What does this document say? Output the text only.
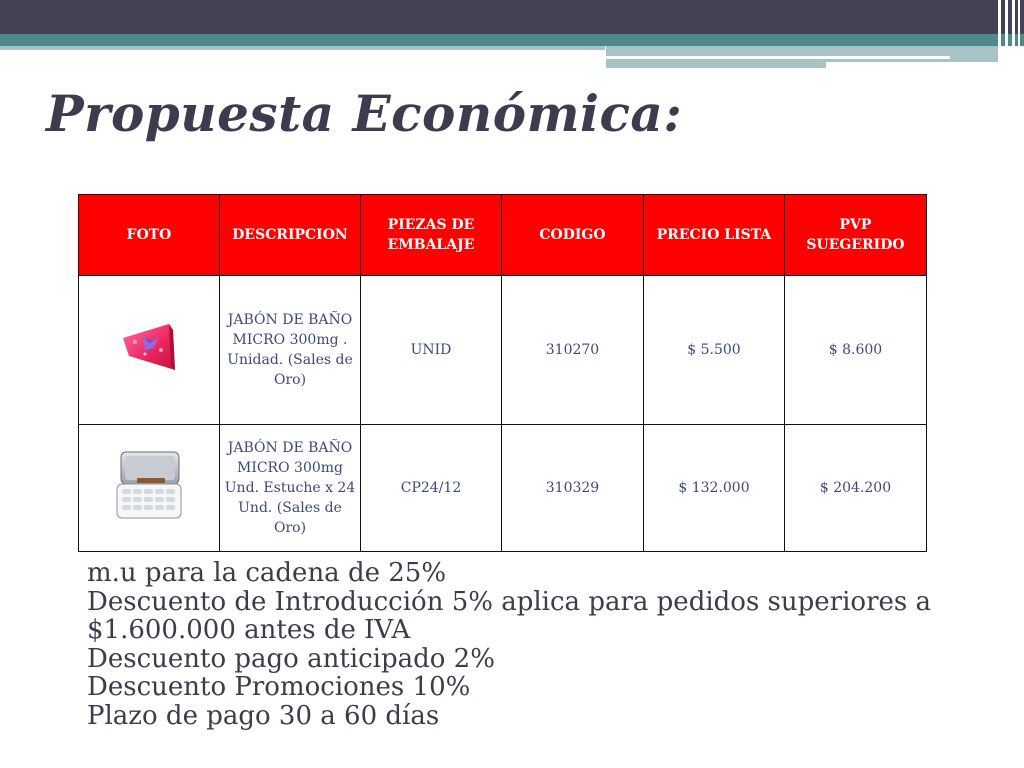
Propuesta Económica:
FOTO	DESCRIPCION	PIEZAS DE EMBALAJE	CODIGO	PRECIO LISTA	PVP SUEGERIDO
	JABÓN DE BAÑO MICRO 300mg . Unidad. (Sales de Oro)	UNID	310270	$ 5.500	$ 8.600
	JABÓN DE BAÑO MICRO 300mg Und. Estuche x 24 Und. (Sales de Oro)	CP24/12	310329	$ 132.000	$ 204.200

m.u para la cadena de 25%

Descuento de Introducción 5% aplica para pedidos superiores a $1.600.000 antes de IVA

Descuento pago anticipado 2%

Descuento Promociones 10%

Plazo de pago 30 a 60 días
